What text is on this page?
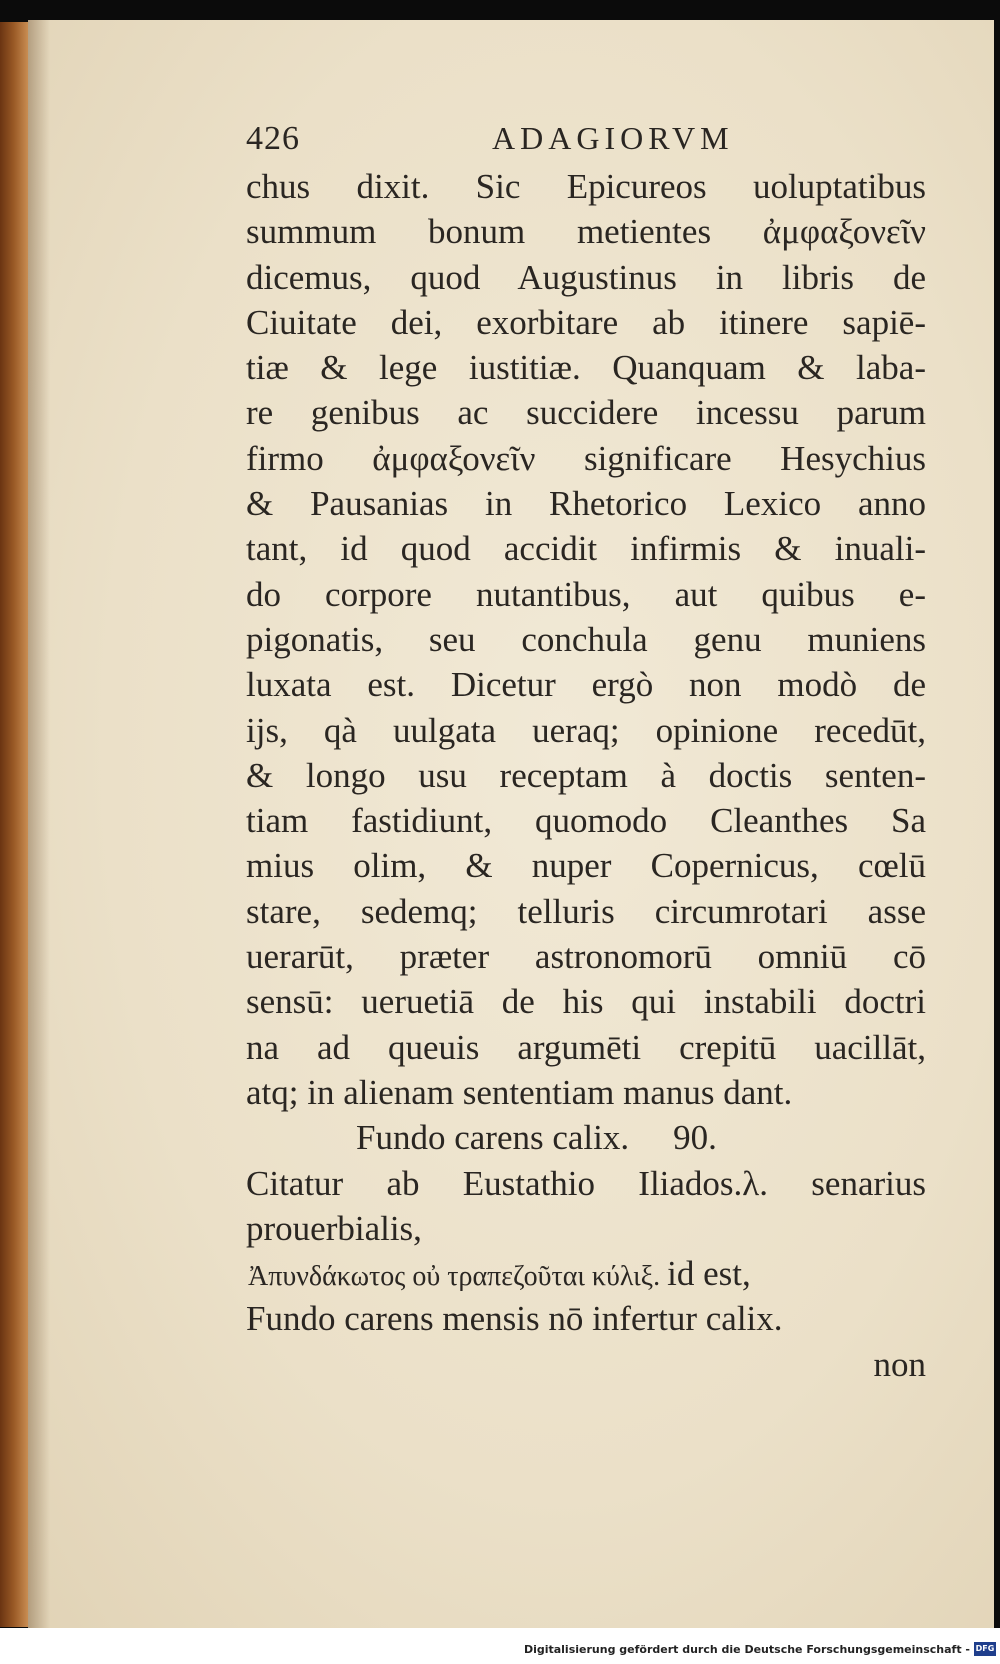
426	ADAGIORVM
chus dixit. Sic Epicureos uoluptatibus
summum bonum metientes ἀμφαξονεῖν
dicemus, quod Augustinus in libris de
Ciuitate dei, exorbitare ab itinere sapiē-
tiæ & lege iustitiæ. Quanquam & laba-
re genibus ac succidere incessu parum
firmo ἀμφαξονεῖν significare Hesychius
& Pausanias in Rhetorico Lexico anno
tant, id quod accidit infirmis & inuali-
do corpore nutantibus, aut quibus e-
pigonatis, seu conchula genu muniens
luxata est. Dicetur ergò non modò de
ijs, qà uulgata ueraq; opinione recedūt,
& longo usu receptam à doctis senten-
tiam fastidiunt, quomodo Cleanthes Sa
mius olim, & nuper Copernicus, cœlū
stare, sedemq; telluris circumrotari asse
uerarūt, præter astronomorū omniū cō
sensū: ueruetiā de his qui instabili doctri
na ad queuis argumēti crepitū uacillāt,
atq; in alienam sententiam manus dant.
Fundo carens calix. 90.
Citatur ab Eustathio Iliados.λ. senarius
prouerbialis,
Ἀπυνδάκωτος οὐ τραπεζοῦται κύλιξ. id est,
Fundo carens mensis nō infertur calix.
non
Digitalisierung gefördert durch die Deutsche Forschungsgemeinschaft - DFG
